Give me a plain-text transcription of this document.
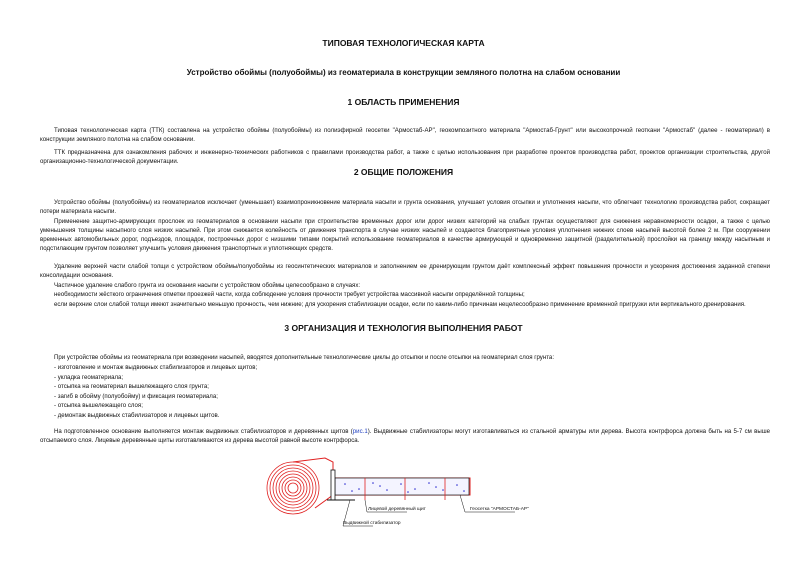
ТИПОВАЯ ТЕХНОЛОГИЧЕСКАЯ КАРТА
Устройство обоймы (полуобоймы) из геоматериала в конструкции земляного полотна на слабом основании
1 ОБЛАСТЬ ПРИМЕНЕНИЯ

Типовая технологическая карта (ТТК) составлена на устройство обоймы (полуобоймы) из полиэфирной геосетки "Армостаб-АР", геокомпозитного материала "Армостаб-Грунт" или высокопрочной геоткани "Армостаб" (далее - геоматериал) в конструкции земляного полотна на слабом основании.

ТТК предназначена для ознакомления рабочих и инженерно-технических работников с правилами производства работ, а также с целью использования при разработке проектов производства работ, проектов организации строительства, другой организационно-технологической документации.

2 ОБЩИЕ ПОЛОЖЕНИЯ

Устройство обоймы (полуобоймы) из геоматериалов исключает (уменьшает) взаимопроникновение материала насыпи и грунта основания, улучшает условия отсыпки и уплотнения насыпи, что облегчает технологию производства работ, сокращает потери материала насыпи.

Применение защитно-армирующих прослоек из геоматериалов в основании насыпи при строительстве временных дорог или дорог низких категорий на слабых грунтах осуществляют для снижения неравномерности осадки, а также с целью уменьшения толщины насыпного слоя низких насыпей. При этом снижается колейность от движения транспорта в случае низких насыпей и создаются благоприятные условия уплотнения нижних слоев насыпей высотой более 2 м. При сооружении временных автомобильных дорог, подъездов, площадок, построечных дорог с низшими типами покрытий использование геоматериалов в качестве армирующей и одновременно защитной (разделительной) прослойки на границу между насыпным и подстилающим грунтом позволяет улучшить условия движения транспортных и уплотняющих средств.

Удаление верхней части слабой толщи с устройством обоймы/полуобоймы из геосинтетических материалов и заполнением ее дренирующим грунтом даёт комплексный эффект повышения прочности и ускорения достижения заданной степени консолидации основания.

Частичное удаление слабого грунта из основания насыпи с устройством обоймы целесообразно в случаях:

необходимости жёсткого ограничения отметки проезжей части, когда соблюдение условия прочности требует устройства массивной насыпи определённой толщины;

если верхние слои слабой толщи имеют значительно меньшую прочность, чем нижние; для ускорения стабилизации осадки, если по каким-либо причинам нецелесообразно применение временной пригрузки или вертикального дренирования.

3 ОРГАНИЗАЦИЯ И ТЕХНОЛОГИЯ ВЫПОЛНЕНИЯ РАБОТ

При устройстве обоймы из геоматериала при возведении насыпей, вводятся дополнительные технологические циклы до отсыпки и после отсыпки на геоматериал слоя грунта:

- изготовление и монтаж выдвижных стабилизаторов и лицевых щитов;
- укладка геоматериала;
- отсыпка на геоматериал вышележащего слоя грунта;
- загиб в обойму (полуобойму) и фиксация геоматериала;
- отсыпка вышележащего слоя;
- демонтаж выдвижных стабилизаторов и лицевых щитов.

На подготовленное основание выполняется монтаж выдвижных стабилизаторов и деревянных щитов (рис.1). Выдвижные стабилизаторы могут изготавливаться из стальной арматуры или дерева. Высота контрфорса должна быть на 5-7 см выше отсыпаемого слоя. Лицевые деревянные щиты изготавливаются из дерева высотой равной высоте контрфорса.

Лицевой деревянный щит
Выдвижной стабилизатор
Геосетка "АРМОСТАБ-АР"
